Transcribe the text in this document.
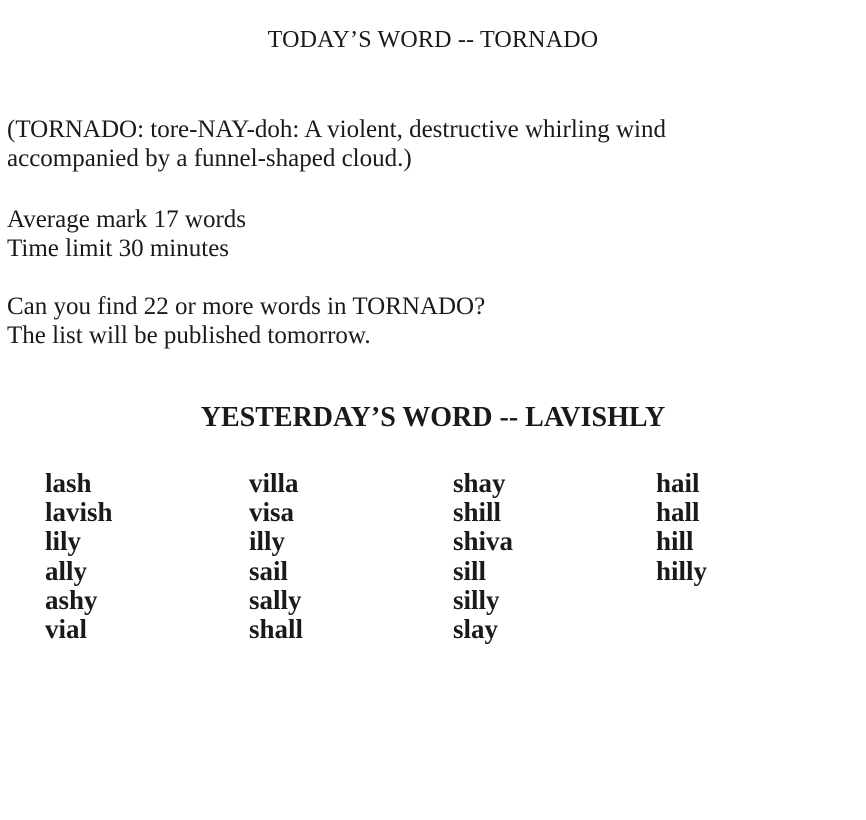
TODAY’S WORD -- TORNADO
(TORNADO: tore-NAY-doh: A violent, destructive whirling wind
accompanied by a funnel-shaped cloud.)
Average mark 17 words
Time limit 30 minutes
Can you find 22 or more words in TORNADO?
The list will be published tomorrow.
YESTERDAY’S WORD -- LAVISHLY
lash
lavish
lily
ally
ashy
vial
villa
visa
illy
sail
sally
shall
shay
shill
shiva
sill
silly
slay
hail
hall
hill
hilly
